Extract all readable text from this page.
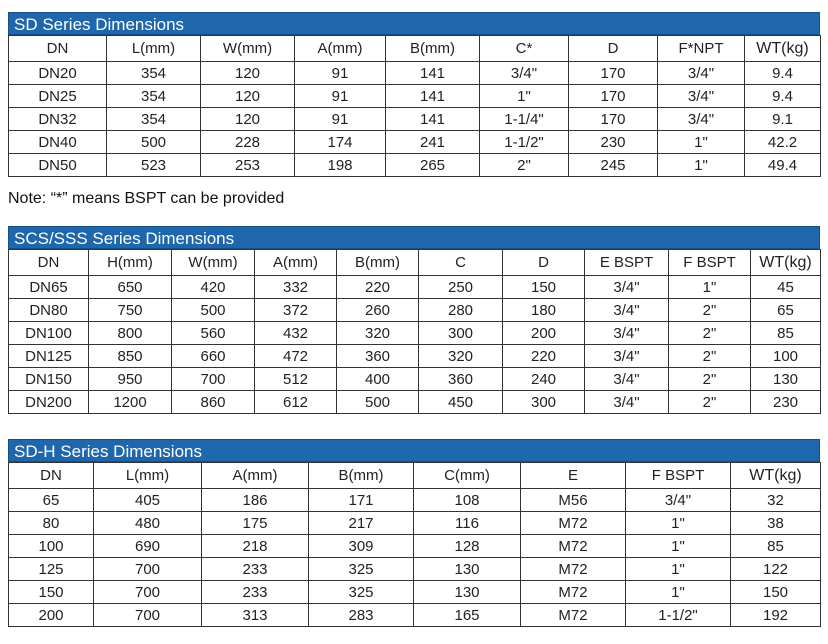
SD Series Dimensions
DN	L(mm)	W(mm)	A(mm)	B(mm)	C*	D	F*NPT	WT(kg)
DN20	354	120	91	141	3/4"	170	3/4"	9.4
DN25	354	120	91	141	1"	170	3/4"	9.4
DN32	354	120	91	141	1-1/4"	170	3/4"	9.1
DN40	500	228	174	241	1-1/2"	230	1"	42.2
DN50	523	253	198	265	2"	245	1"	49.4
Note: “*” means BSPT can be provided
SCS/SSS Series Dimensions
DN	H(mm)	W(mm)	A(mm)	B(mm)	C	D	E BSPT	F BSPT	WT(kg)
DN65	650	420	332	220	250	150	3/4"	1"	45
DN80	750	500	372	260	280	180	3/4"	2"	65
DN100	800	560	432	320	300	200	3/4"	2"	85
DN125	850	660	472	360	320	220	3/4"	2"	100
DN150	950	700	512	400	360	240	3/4"	2"	130
DN200	1200	860	612	500	450	300	3/4"	2"	230
SD-H Series Dimensions
DN	L(mm)	A(mm)	B(mm)	C(mm)	E	F BSPT	WT(kg)
65	405	186	171	108	M56	3/4"	32
80	480	175	217	116	M72	1"	38
100	690	218	309	128	M72	1"	85
125	700	233	325	130	M72	1"	122
150	700	233	325	130	M72	1"	150
200	700	313	283	165	M72	1-1/2"	192
